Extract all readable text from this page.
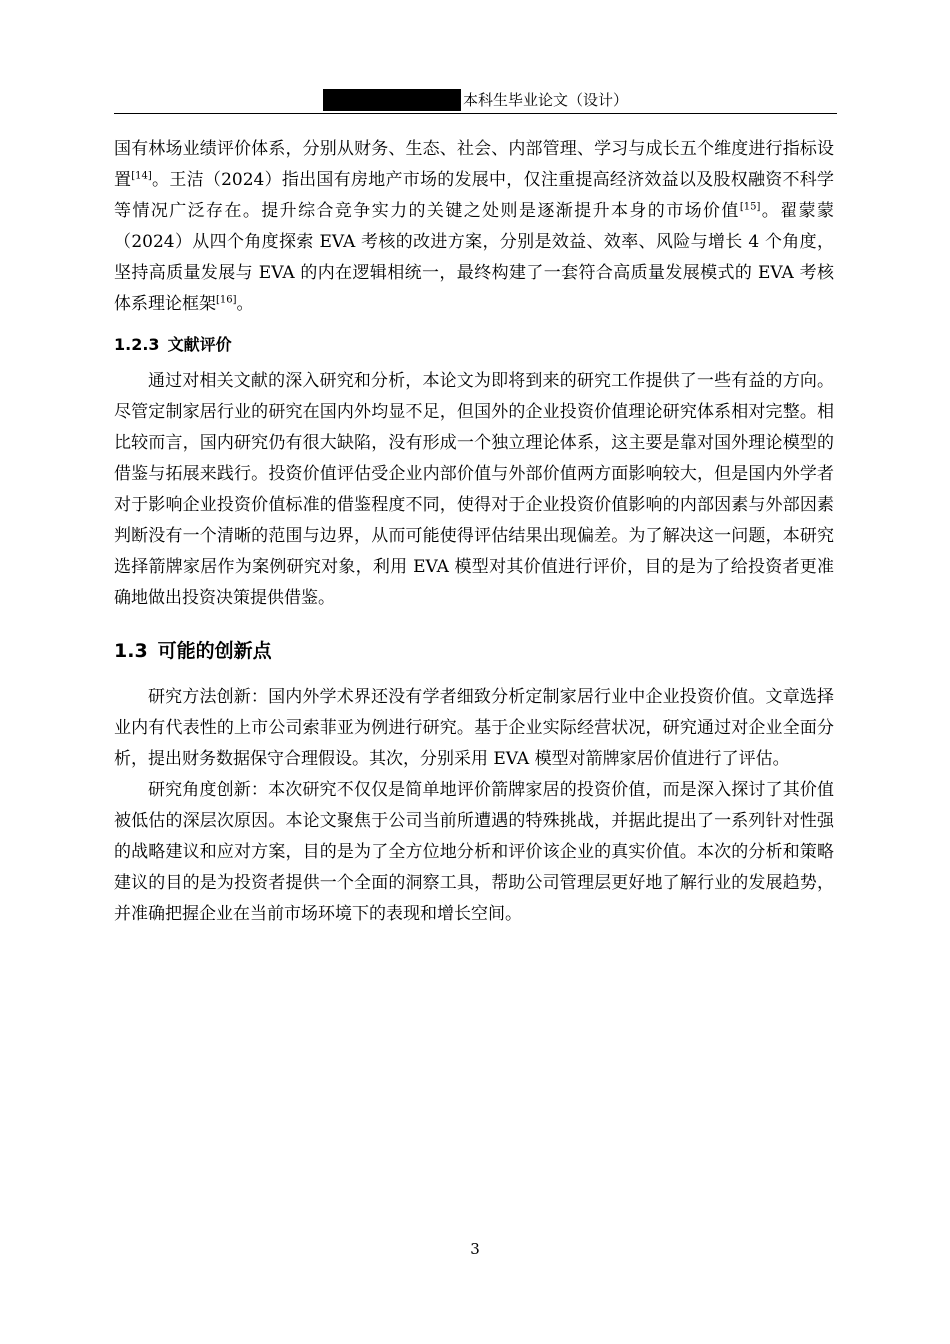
本科生毕业论文（设计）

国有林场业绩评价体系，分别从财务、生态、社会、内部管理、学习与成长五个维度进行指标设置[14]。王洁（2024）指出国有房地产市场的发展中，仅注重提高经济效益以及股权融资不科学等情况广泛存在。提升综合竞争实力的关键之处则是逐渐提升本身的市场价值[15]。翟蒙蒙（2024）从四个角度探索 EVA 考核的改进方案，分别是效益、效率、风险与增长 4 个角度，坚持高质量发展与 EVA 的内在逻辑相统一，最终构建了一套符合高质量发展模式的 EVA 考核体系理论框架[16]。

1.2.3 文献评价

通过对相关文献的深入研究和分析，本论文为即将到来的研究工作提供了一些有益的方向。尽管定制家居行业的研究在国内外均显不足，但国外的企业投资价值理论研究体系相对完整。相比较而言，国内研究仍有很大缺陷，没有形成一个独立理论体系，这主要是靠对国外理论模型的借鉴与拓展来践行。投资价值评估受企业内部价值与外部价值两方面影响较大，但是国内外学者对于影响企业投资价值标准的借鉴程度不同，使得对于企业投资价值影响的内部因素与外部因素判断没有一个清晰的范围与边界，从而可能使得评估结果出现偏差。为了解决这一问题，本研究选择箭牌家居作为案例研究对象，利用 EVA 模型对其价值进行评价，目的是为了给投资者更准确地做出投资决策提供借鉴。

1.3 可能的创新点

研究方法创新：国内外学术界还没有学者细致分析定制家居行业中企业投资价值。文章选择业内有代表性的上市公司索菲亚为例进行研究。基于企业实际经营状况，研究通过对企业全面分析，提出财务数据保守合理假设。其次，分别采用 EVA 模型对箭牌家居价值进行了评估。

研究角度创新：本次研究不仅仅是简单地评价箭牌家居的投资价值，而是深入探讨了其价值被低估的深层次原因。本论文聚焦于公司当前所遭遇的特殊挑战，并据此提出了一系列针对性强的战略建议和应对方案，目的是为了全方位地分析和评价该企业的真实价值。本次的分析和策略建议的目的是为投资者提供一个全面的洞察工具，帮助公司管理层更好地了解行业的发展趋势，并准确把握企业在当前市场环境下的表现和增长空间。

3
